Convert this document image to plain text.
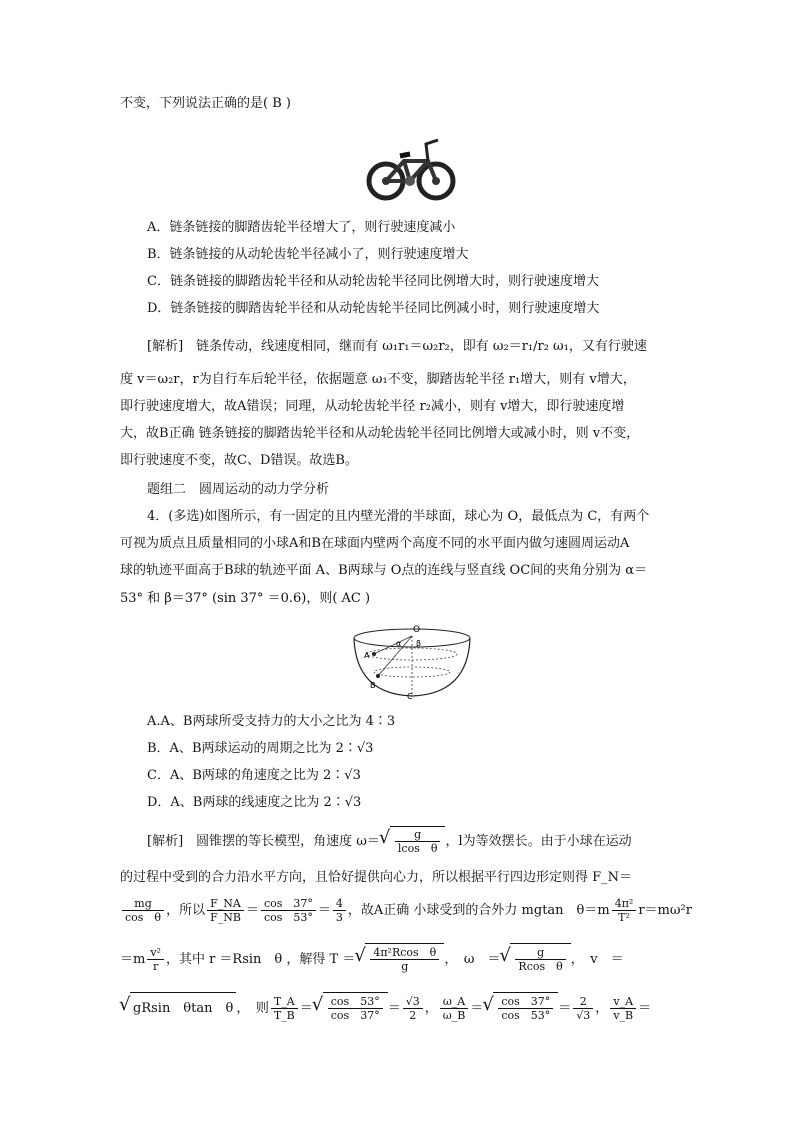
不变，下列说法正确的是( B )
A．链条链接的脚踏齿轮半径增大了，则行驶速度减小
B．链条链接的从动轮齿轮半径减小了，则行驶速度增大
C．链条链接的脚踏齿轮半径和从动轮齿轮半径同比例增大时，则行驶速度增大
D．链条链接的脚踏齿轮半径和从动轮齿轮半径同比例减小时，则行驶速度增大
[解析]　链条传动，线速度相同，继而有 ω₁r₁＝ω₂r₂，即有 ω₂＝r₁/r₂ ω₁，又有行驶速
度 v＝ω₂r，r为自行车后轮半径，依据题意 ω₁不变，脚踏齿轮半径 r₁增大，则有 v增大，
即行驶速度增大，故A错误；同理，从动轮齿轮半径 r₂减小，则有 v增大，即行驶速度增
大，故B正确 链条链接的脚踏齿轮半径和从动轮齿轮半径同比例增大或减小时，则 v不变，
即行驶速度不变，故C、D错误。故选B。
题组二　圆周运动的动力学分析
4．(多选)如图所示，有一固定的且内壁光滑的半球面，球心为 O，最低点为 C，有两个
可视为质点且质量相同的小球A和B在球面内壁两个高度不同的水平面内做匀速圆周运动A
球的轨迹平面高于B球的轨迹平面 A、B两球与 O点的连线与竖直线 OC间的夹角分别为 α＝
53° 和 β＝37° (sin 37° ＝0.6)，则( AC )
O
α β
A
B
C
A.A、B两球所受支持力的大小之比为 4∶3
B．A、B两球运动的周期之比为 2∶√3
C．A、B两球的角速度之比为 2∶√3
D．A、B两球的线速度之比为 2∶√3
[解析]　圆锥摆的等长模型，角速度 ω＝ √ $\frac{g}{\text{lcos　θ}}$ ，l为等效摆长。由于小球在运动
的过程中受到的合力沿水平方向，且恰好提供向心力，所以根据平行四边形定则得 F_N＝
$\frac{mg}{\text{cos　θ}}$ ，所以 $\frac{F\_NA}{F\_NB} = \frac{\cos 37^\circ}{\cos 53^\circ} = \frac{4}{3}$ ，故A正确 小球受到的合外力 mgtan　$\theta=m \frac{\text{4π²}}{\text{T²}} r=m\omega^2r$
$=m \frac{\text{v²}}{r}$ ，其中 r ＝Rsin　θ ，解得 T ＝ √ $\frac{\text{4π²Rcos　θ}}{g}$ ，　ω　＝ √ $\frac{g}{\text{Rcos　θ}}$ ，　v　＝
√ gRsin　θtan　θ ，　则 $\frac{T\_A}{T\_B}$ ＝ √ $\frac{\cos 53^\circ}{\cos 37^\circ} = \frac{√3}{2}$ ， $\frac{\omega\_A}{\omega\_B}$ ＝ √ $\frac{\cos 37^\circ}{\cos 53^\circ} = \frac{2}{√3}$ ， $\frac{v\_A}{v\_B}$ ＝
